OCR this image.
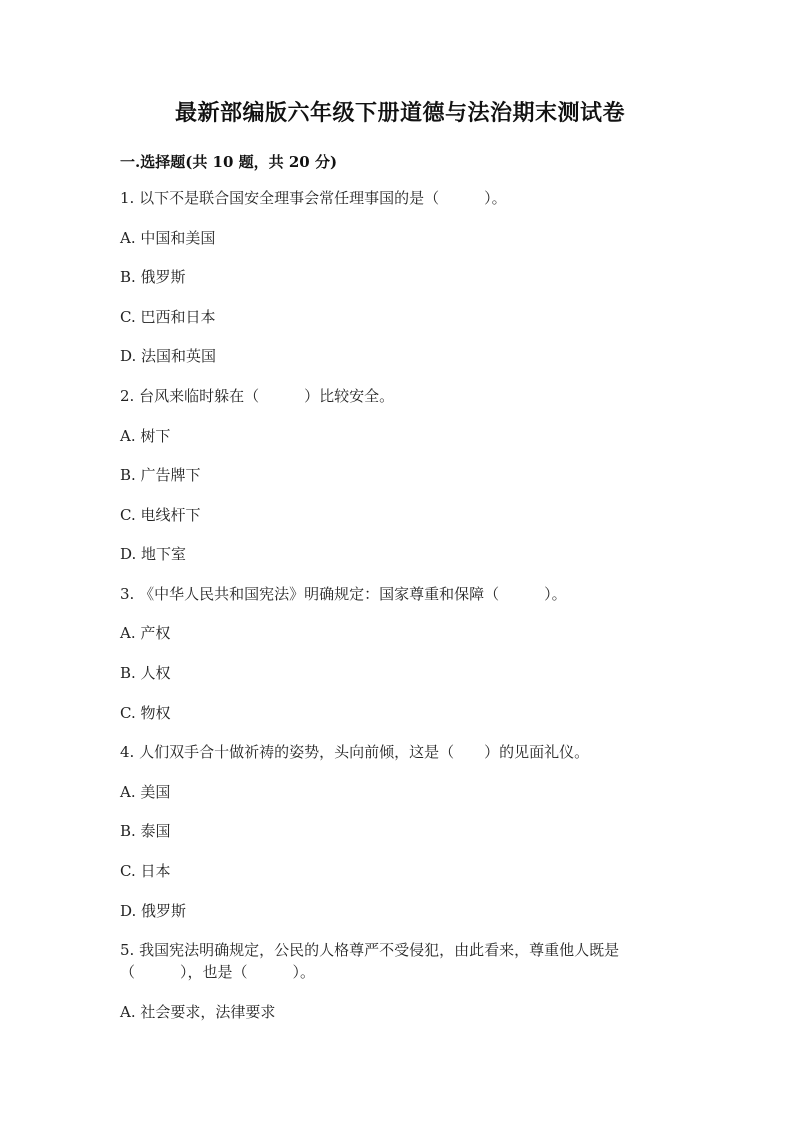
最新部编版六年级下册道德与法治期末测试卷
一.选择题(共 10 题，共 20 分)
1. 以下不是联合国安全理事会常任理事国的是（　　　）。
A. 中国和美国
B. 俄罗斯
C. 巴西和日本
D. 法国和英国
2. 台风来临时躲在（　　　）比较安全。
A. 树下
B. 广告牌下
C. 电线杆下
D. 地下室
3. 《中华人民共和国宪法》明确规定：国家尊重和保障（　　　）。
A. 产权
B. 人权
C. 物权
4. 人们双手合十做祈祷的姿势，头向前倾，这是（　　）的见面礼仪。
A. 美国
B. 泰国
C. 日本
D. 俄罗斯
5. 我国宪法明确规定，公民的人格尊严不受侵犯，由此看来，尊重他人既是
（　　　），也是（　　　）。
A. 社会要求，法律要求
